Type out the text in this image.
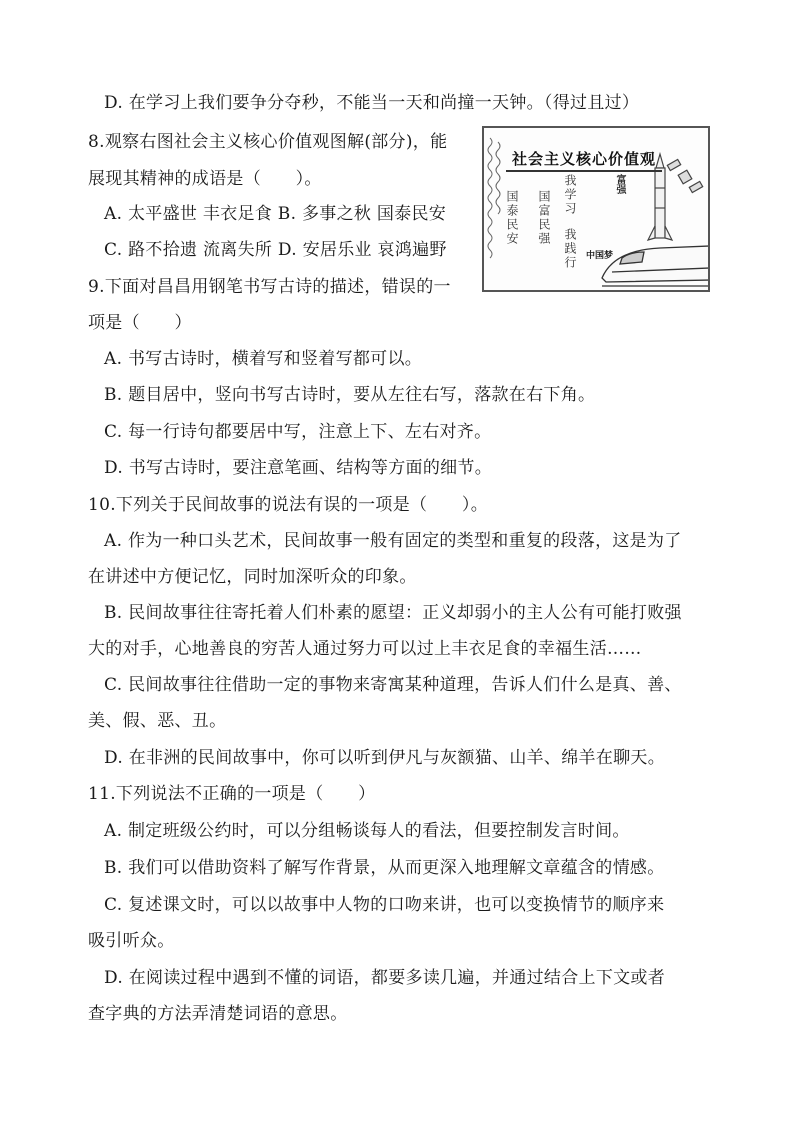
D. 在学习上我们要争分夺秒，不能当一天和尚撞一天钟。（得过且过）
8.观察右图社会主义核心价值观图解(部分)，能
展现其精神的成语是（　　）。
A. 太平盛世 丰衣足食 B. 多事之秋 国泰民安
C. 路不拾遗 流离失所 D. 安居乐业 哀鸿遍野
9.下面对昌昌用钢笔书写古诗的描述，错误的一
项是（　　）
A. 书写古诗时，横着写和竖着写都可以。
B. 题目居中，竖向书写古诗时，要从左往右写，落款在右下角。
C. 每一行诗句都要居中写，注意上下、左右对齐。
D. 书写古诗时，要注意笔画、结构等方面的细节。
10.下列关于民间故事的说法有误的一项是（　　）。
A. 作为一种口头艺术，民间故事一般有固定的类型和重复的段落，这是为了
在讲述中方便记忆，同时加深听众的印象。
B. 民间故事往往寄托着人们朴素的愿望：正义却弱小的主人公有可能打败强
大的对手，心地善良的穷苦人通过努力可以过上丰衣足食的幸福生活……
C. 民间故事往往借助一定的事物来寄寓某种道理，告诉人们什么是真、善、
美、假、恶、丑。
D. 在非洲的民间故事中，你可以听到伊凡与灰额猫、山羊、绵羊在聊天。
11.下列说法不正确的一项是（　　）
A. 制定班级公约时，可以分组畅谈每人的看法，但要控制发言时间。
B. 我们可以借助资料了解写作背景，从而更深入地理解文章蕴含的情感。
C. 复述课文时，可以以故事中人物的口吻来讲，也可以变换情节的顺序来
吸引听众。
D. 在阅读过程中遇到不懂的词语，都要多读几遍，并通过结合上下文或者
查字典的方法弄清楚词语的意思。
社会主义核心价值观
国泰民安 国富民强 我学习
我践行
富强
中国梦
